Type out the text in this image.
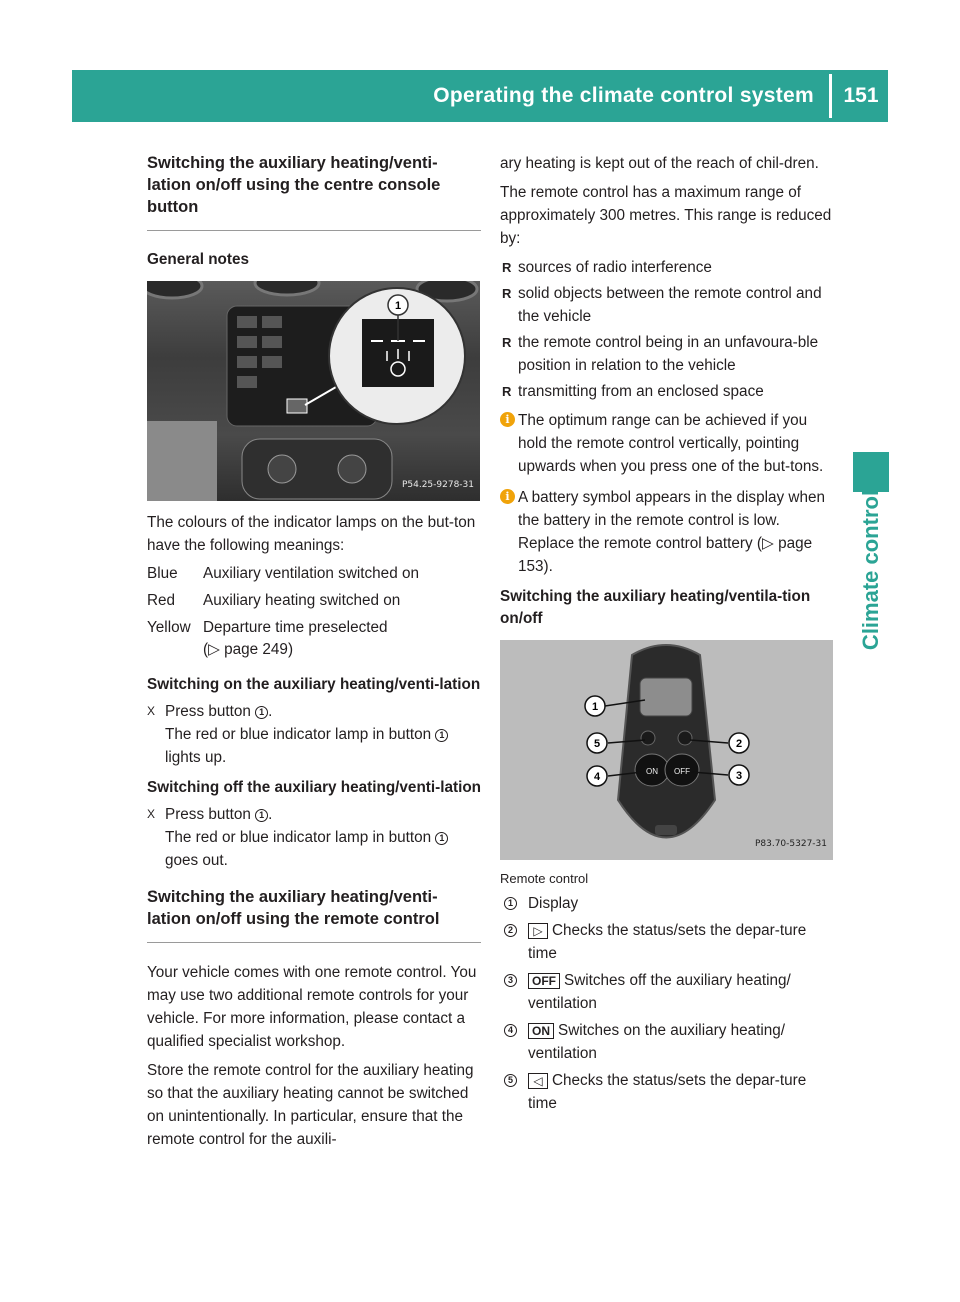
Operating the climate control system	151
Climate control
Switching the auxiliary heating/venti-lation on/off using the centre console button
General notes
1
P54.25-9278-31

The colours of the indicator lamps on the but-ton have the following meanings:

Blue	Auxiliary ventilation switched on
Red	Auxiliary heating switched on
Yellow	Departure time preselected
(▷ page 249)
Switching on the auxiliary heating/venti-lation
X Press button 1 .
The red or blue indicator lamp in button 1
lights up.
Switching off the auxiliary heating/venti-lation
X Press button 1 .
The red or blue indicator lamp in button 1
goes out.
Switching the auxiliary heating/venti-lation on/off using the remote control

Your vehicle comes with one remote control. You may use two additional remote controls for your vehicle. For more information, please contact a qualified specialist workshop.

Store the remote control for the auxiliary heating so that the auxiliary heating cannot be switched on unintentionally. In particular, ensure that the remote control for the auxili-

ary heating is kept out of the reach of chil-dren.

The remote control has a maximum range of approximately 300 metres. This range is reduced by:

R sources of radio interference
R solid objects between the remote control and the vehicle
R the remote control being in an unfavoura-ble position in relation to the vehicle
R transmitting from an enclosed space
i The optimum range can be achieved if you hold the remote control vertically, pointing upwards when you press one of the but-tons.
i A battery symbol appears in the display when the battery in the remote control is low. Replace the remote control battery (▷ page 153).
Switching the auxiliary heating/ventila-tion on/off
ON OFF
1
2
3
4
5
P83.70-5327-31
Remote control
1 Display
2	▷ Checks the status/sets the depar-ture time
3	OFF Switches off the auxiliary heating/ ventilation
4	ON Switches on the auxiliary heating/ ventilation
5	◁ Checks the status/sets the depar-ture time
